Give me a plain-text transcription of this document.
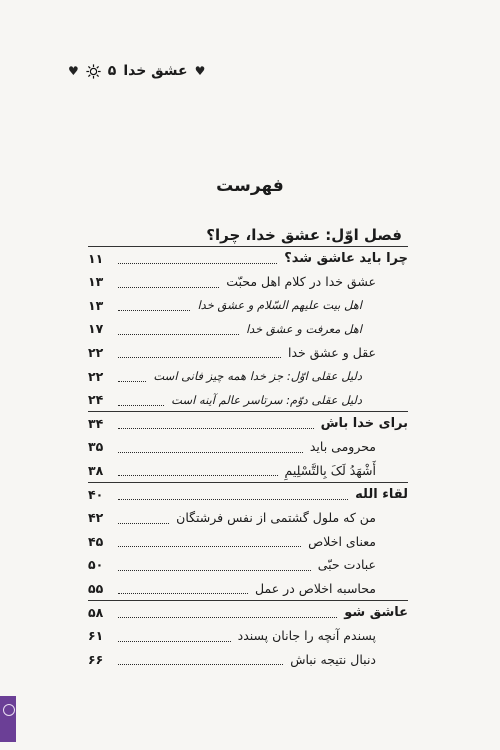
♥ ۵ عشق خدا ♥
فهرست
فصل اوّل: عشق خدا، چرا؟
چرا باید عاشق شد؟
۱۱
عشق خدا در کلام اهل محبّت
۱۳
اهل بیت علیهم السّلام و عشق خدا
۱۳
اهل معرفت و عشق خدا
۱۷
عقل و عشق خدا
۲۲
دلیل عقلی اوّل: جز خدا همه چیز فانی است
۲۲
دلیل عقلی دوّم: سرتاسر عالم آینه است
۲۴
برای خدا باش
۳۴
محرومی باید
۳۵
أَشْهَدُ لَکَ بِالتَّسْلِیمِ
۳۸
لقاء الله
۴۰
من که ملول گشتمی از نفس فرشتگان
۴۲
معنای اخلاص
۴۵
عبادت حبّی
۵۰
محاسبه اخلاص در عمل
۵۵
عاشق شو
۵۸
پسندم آنچه را جانان پسندد
۶۱
دنبال نتیجه نباش
۶۶
